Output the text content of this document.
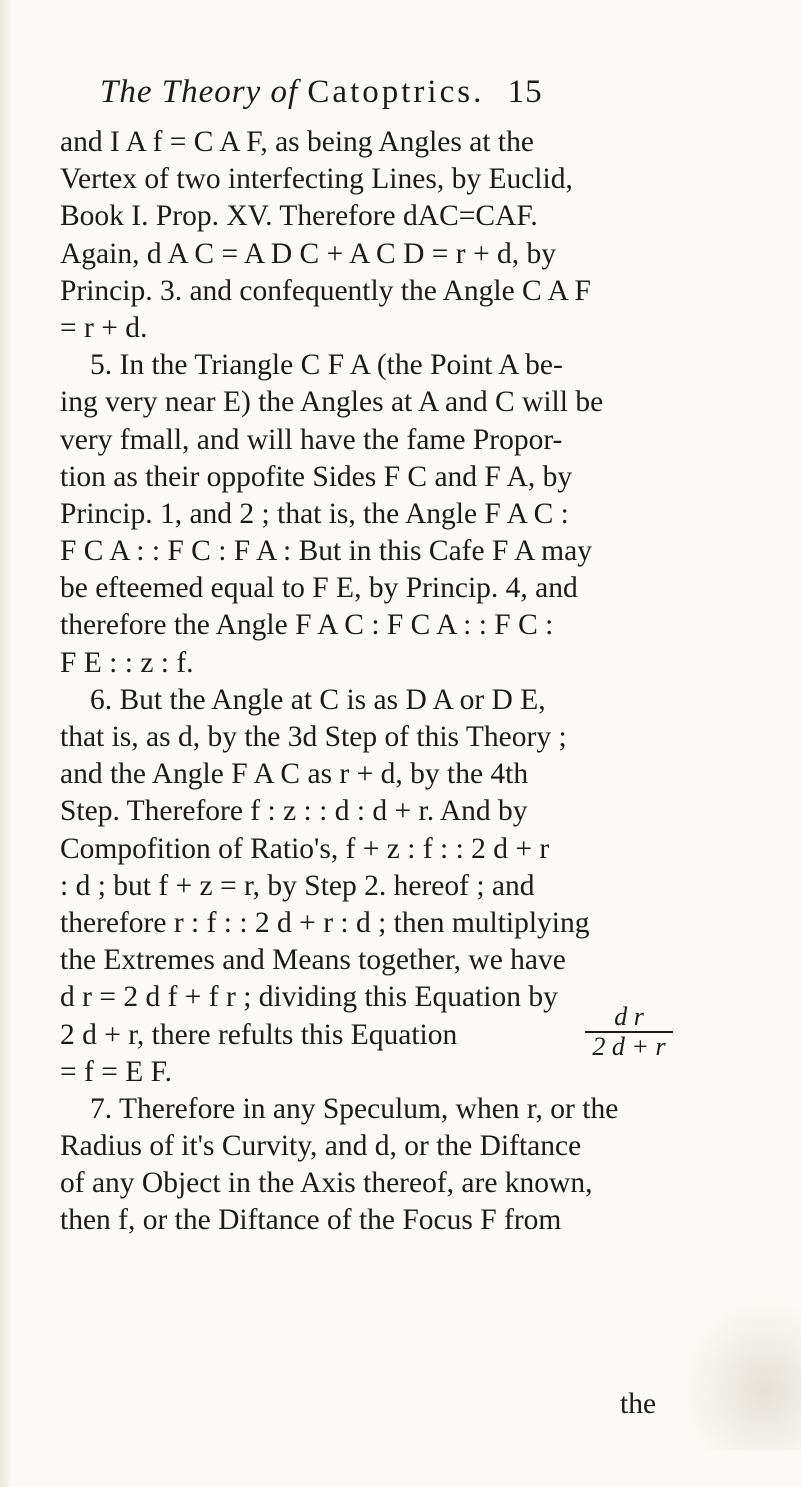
The Theory of Catoptrics. 15
and I A f = C A F, as being Angles at the
Vertex of two interfecting Lines, by Euclid,
Book I. Prop. XV. Therefore dAC=CAF.
Again, d A C = A D C + A C D = r + d, by
Princip. 3. and confequently the Angle C A F
= r + d.
5. In the Triangle C F A (the Point A be-
ing very near E) the Angles at A and C will be
very fmall, and will have the fame Propor-
tion as their oppofite Sides F C and F A, by
Princip. 1, and 2 ; that is, the Angle F A C :
F C A : : F C : F A : But in this Cafe F A may
be efteemed equal to F E, by Princip. 4, and
therefore the Angle F A C : F C A : : F C :
F E : : z : f.
6. But the Angle at C is as D A or D E,
that is, as d, by the 3d Step of this Theory ;
and the Angle F A C as r + d, by the 4th
Step. Therefore f : z : : d : d + r. And by
Compofition of Ratio's, f + z : f : : 2 d + r
: d ; but f + z = r, by Step 2. hereof ; and
therefore r : f : : 2 d + r : d ; then multiplying
the Extremes and Means together, we have
d r = 2 d f + f r ; dividing this Equation by
2 d + r, there refults this Equation
d r
2 d + r
= f = E F.
7. Therefore in any Speculum, when r, or the
Radius of it's Curvity, and d, or the Diftance
of any Object in the Axis thereof, are known,
then f, or the Diftance of the Focus F from
the
